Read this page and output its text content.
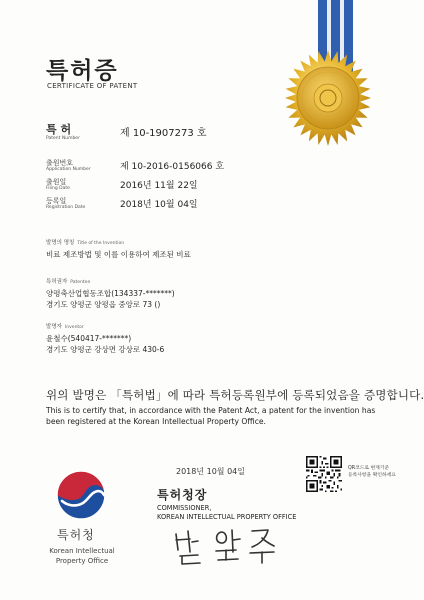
특허증
CERTIFICATE OF PATENT
특 허
Patent Number	제 10-1907273 호
출원번호
Application Number	제 10-2016-0156066 호
출원일
Filing Date	2016년 11월 22일
등록일
Registration Date	2018년 10월 04일
발명의 명칭 Title of the Invention
비료 제조방법 및 이를 이용하여 제조된 비료
특허권자 Patentee
양평축산업협동조합(134337-*******)
경기도 양평군 양평읍 중앙로 73 ()
발명자 Inventor
윤철수(540417-*******)
경기도 양평군 강상면 강상로 430-6
위의 발명은 「특허법」에 따라 특허등록원부에 등록되었음을 증명합니다.
This is to certify that, in accordance with the Patent Act, a patent for the invention has been registered at the Korean Intellectual Property Office.
2018년 10월 04일	QR코드로 현재기준
등록사항을 확인하세요
특허청
Korean Intellectual
Property Office
특허청장
COMMISSIONER,
KOREAN INTELLECTUAL PROPERTY OFFICE
